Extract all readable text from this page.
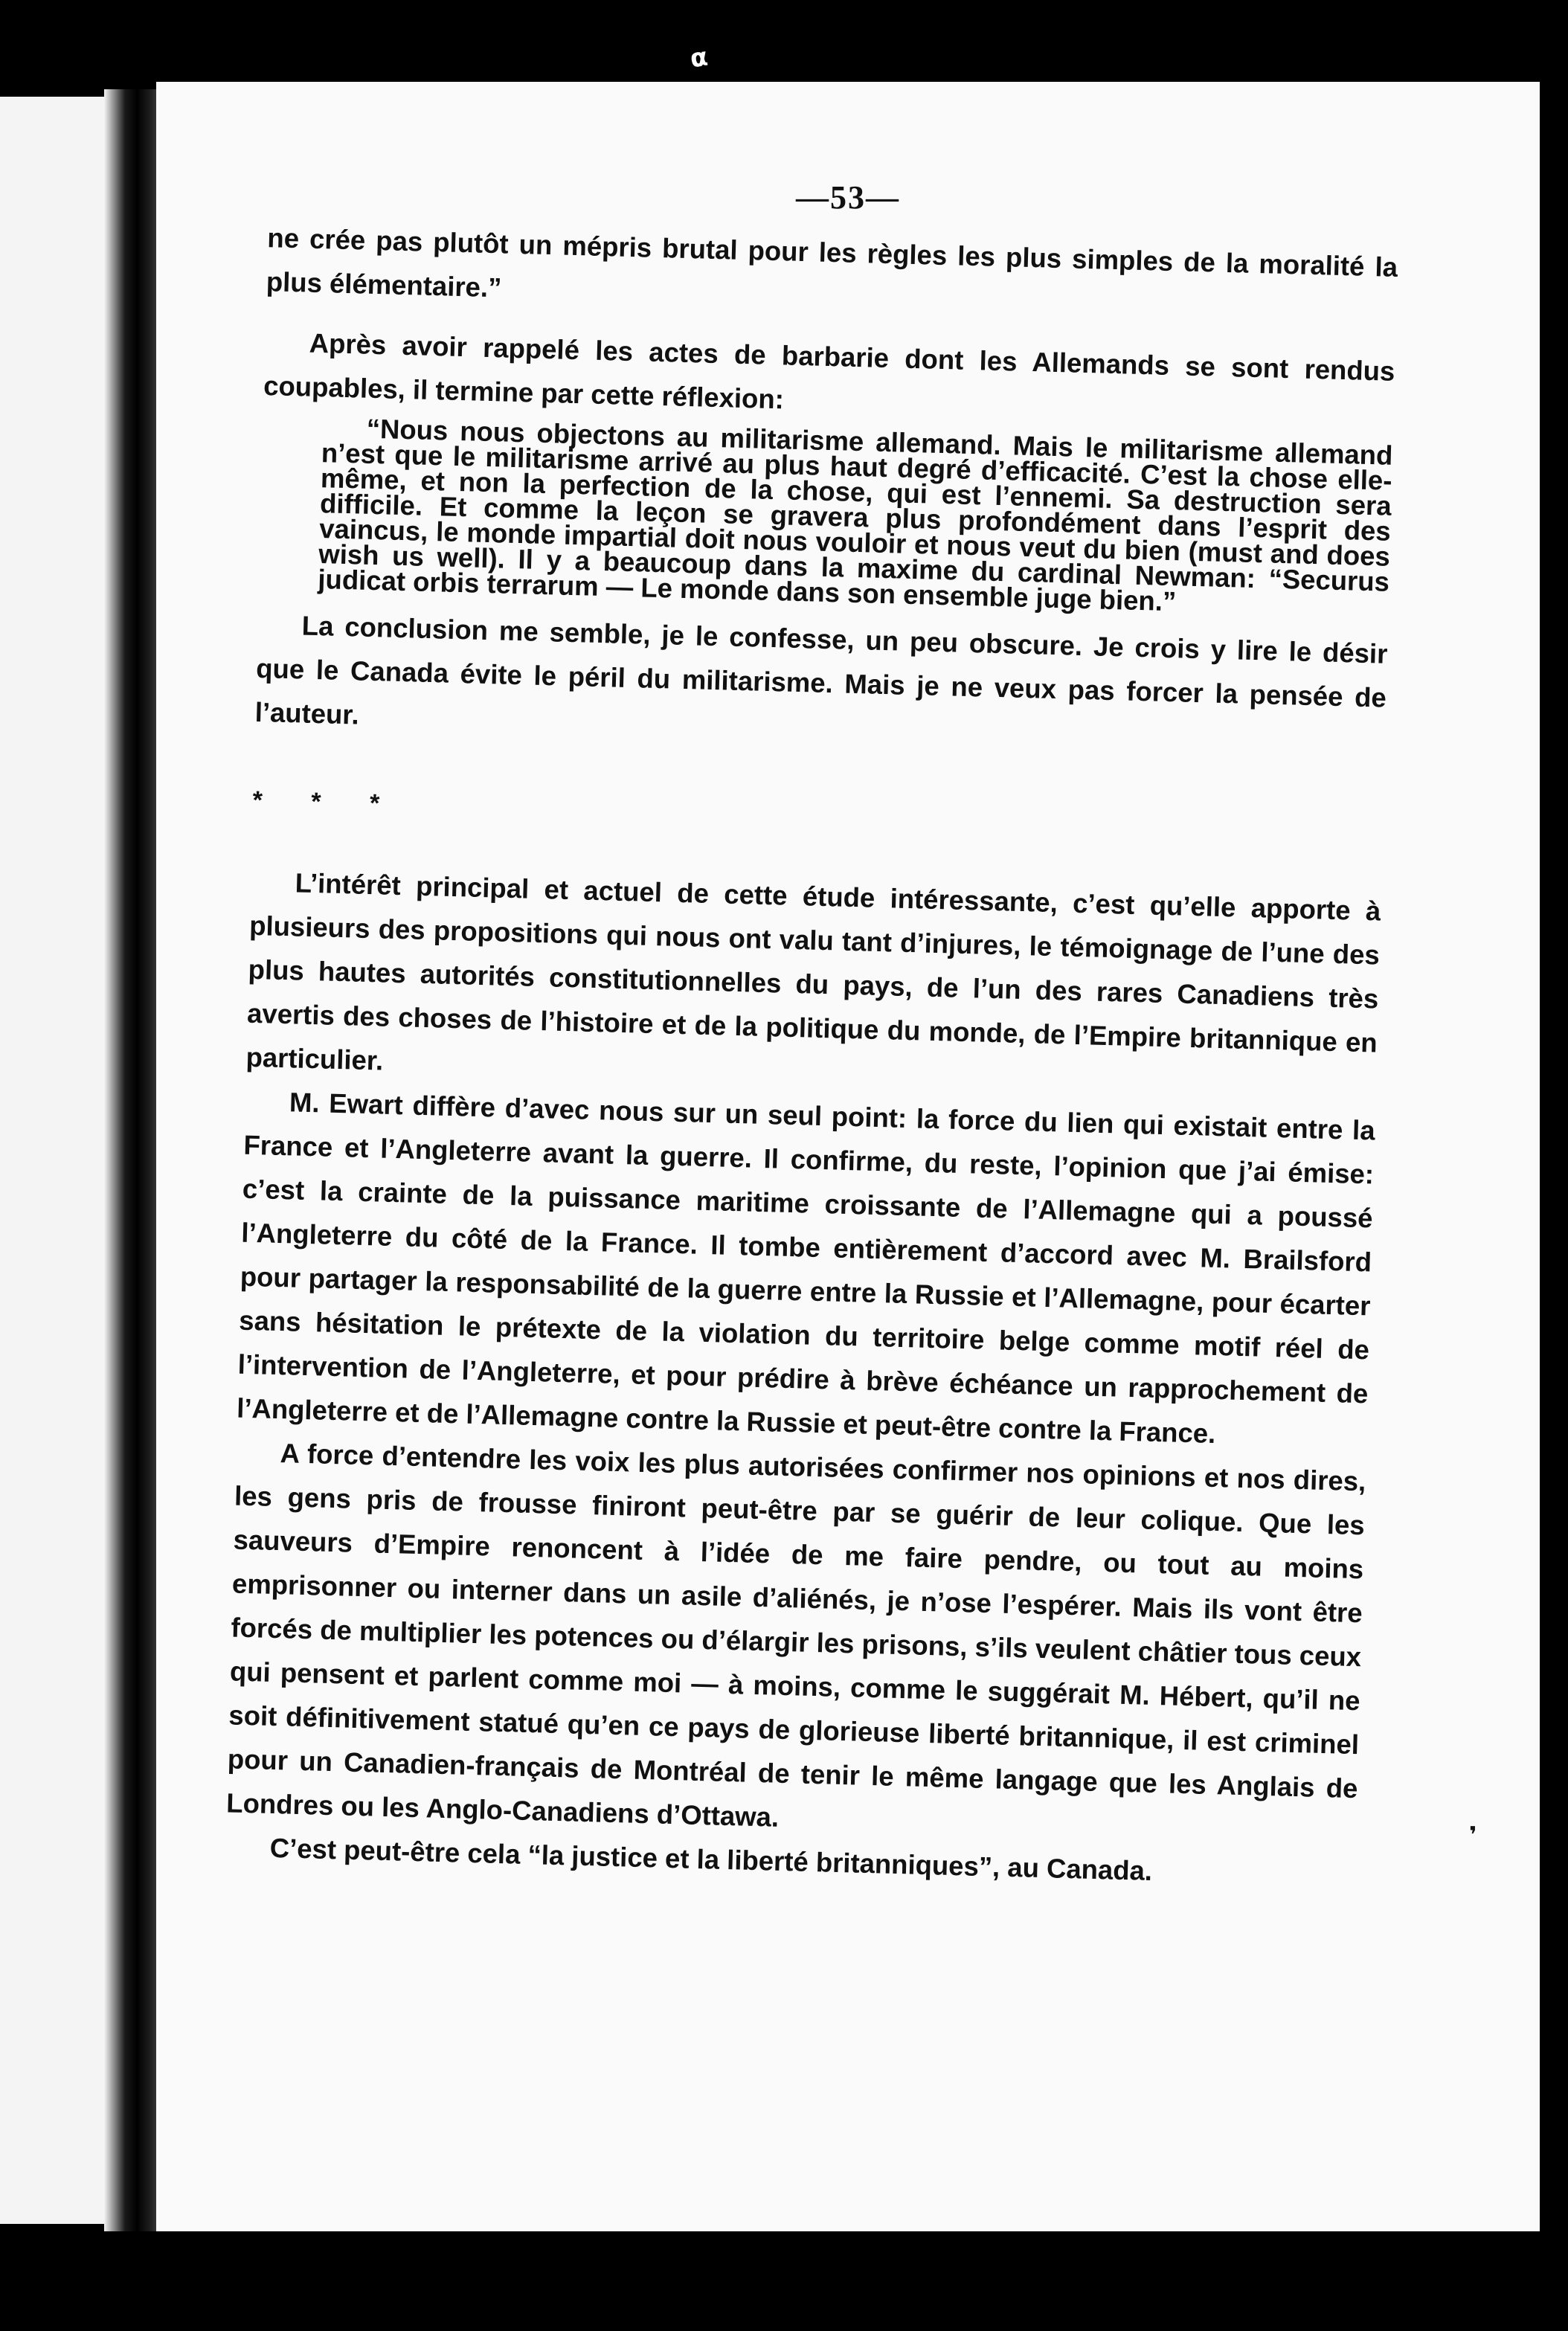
α
—53—

ne crée pas plutôt un mépris brutal pour les règles les plus simples de la moralité la plus élémentaire.”

Après avoir rappelé les actes de barbarie dont les Allemands se sont rendus coupables, il termine par cette réflexion:

“Nous nous objectons au militarisme allemand. Mais le militarisme allemand n’est que le militarisme arrivé au plus haut degré d’efficacité. C’est la chose elle-même, et non la perfection de la chose, qui est l’ennemi. Sa destruction sera difficile. Et comme la leçon se gravera plus profondément dans l’esprit des vaincus, le monde impartial doit nous vouloir et nous veut du bien (must and does wish us well). Il y a beaucoup dans la maxime du cardinal Newman: “Securus judicat orbis terrarum — Le monde dans son ensemble juge bien.”

La conclusion me semble, je le confesse, un peu obscure. Je crois y lire le désir que le Canada évite le péril du militarisme. Mais je ne veux pas forcer la pensée de l’auteur.

* * *

L’intérêt principal et actuel de cette étude intéressante, c’est qu’elle apporte à plusieurs des propositions qui nous ont valu tant d’injures, le témoignage de l’une des plus hautes autorités constitutionnelles du pays, de l’un des rares Canadiens très avertis des choses de l’histoire et de la politique du monde, de l’Empire britannique en particulier.

M. Ewart diffère d’avec nous sur un seul point: la force du lien qui existait entre la France et l’Angleterre avant la guerre. Il confirme, du reste, l’opinion que j’ai émise: c’est la crainte de la puissance maritime croissante de l’Allemagne qui a poussé l’Angleterre du côté de la France. Il tombe entièrement d’accord avec M. Brailsford pour partager la responsabilité de la guerre entre la Russie et l’Allemagne, pour écarter sans hésitation le prétexte de la violation du territoire belge comme motif réel de l’intervention de l’Angleterre, et pour prédire à brève échéance un rapprochement de l’Angleterre et de l’Allemagne contre la Russie et peut-être contre la France.

A force d’entendre les voix les plus autorisées confirmer nos opinions et nos dires, les gens pris de frousse finiront peut-être par se guérir de leur colique. Que les sauveurs d’Empire renoncent à l’idée de me faire pendre, ou tout au moins emprisonner ou interner dans un asile d’aliénés, je n’ose l’espérer. Mais ils vont être forcés de multiplier les potences ou d’élargir les prisons, s’ils veulent châtier tous ceux qui pensent et parlent comme moi — à moins, comme le suggérait M. Hébert, qu’il ne soit définitivement statué qu’en ce pays de glorieuse liberté britannique, il est criminel pour un Canadien-français de Montréal de tenir le même langage que les Anglais de Londres ou les Anglo-Canadiens d’Ottawa.

C’est peut-être cela “la justice et la liberté britanniques”, au Canada.	❜
